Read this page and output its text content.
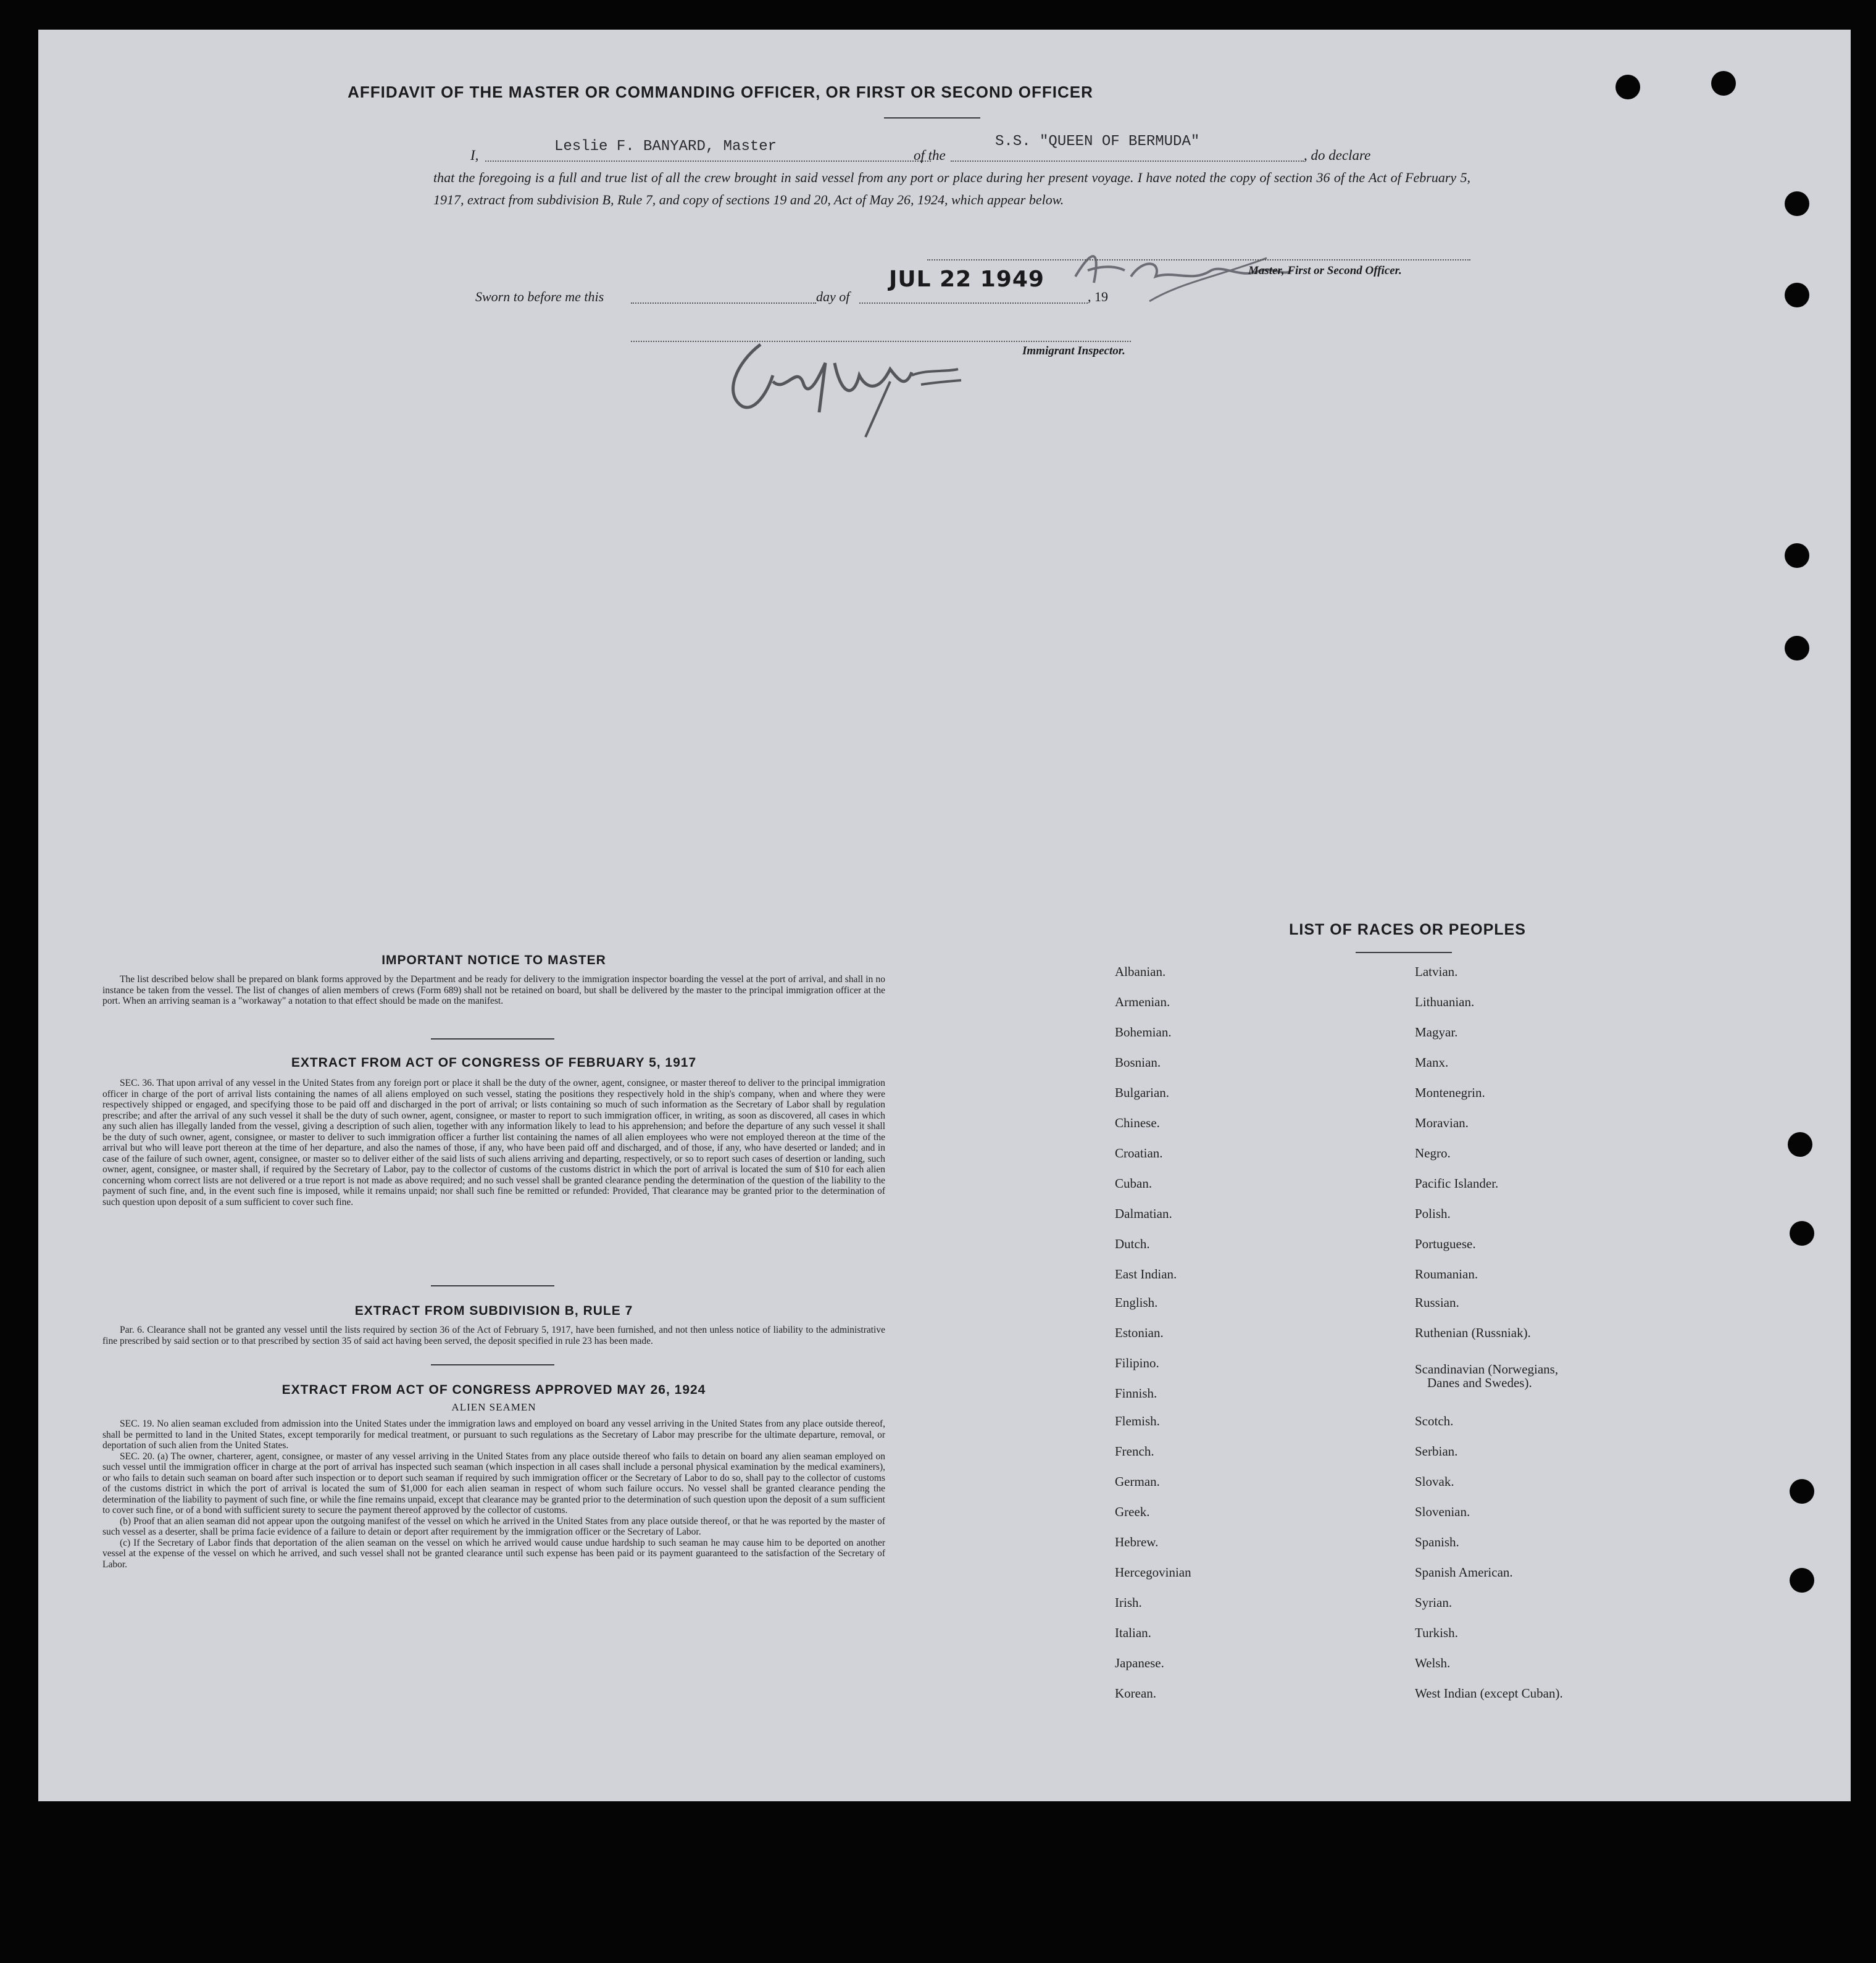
AFFIDAVIT OF THE MASTER OR COMMANDING OFFICER, OR FIRST OR SECOND OFFICER
I,
Leslie F. BANYARD, Master
of the
S.S. "QUEEN OF BERMUDA"
, do declare
that the foregoing is a full and true list of all the crew brought in said vessel from any port or place during her present voyage. I have noted the copy of section 36 of the Act of February 5, 1917, extract from subdivision B, Rule 7, and copy of sections 19 and 20, Act of May 26, 1924, which appear below.
Master, First or Second Officer.
Sworn to before me this	day of
JUL 22 1949
, 19
Immigrant Inspector.
IMPORTANT NOTICE TO MASTER
The list described below shall be prepared on blank forms approved by the Department and be ready for delivery to the immigration inspector boarding the vessel at the port of arrival, and shall in no instance be taken from the vessel. The list of changes of alien members of crews (Form 689) shall not be retained on board, but shall be delivered by the master to the principal immigration officer at the port. When an arriving seaman is a "workaway" a notation to that effect should be made on the manifest.
EXTRACT FROM ACT OF CONGRESS OF FEBRUARY 5, 1917
SEC. 36. That upon arrival of any vessel in the United States from any foreign port or place it shall be the duty of the owner, agent, consignee, or master thereof to deliver to the principal immigration officer in charge of the port of arrival lists containing the names of all aliens employed on such vessel, stating the positions they respectively hold in the ship's company, when and where they were respectively shipped or engaged, and specifying those to be paid off and discharged in the port of arrival; or lists containing so much of such information as the Secretary of Labor shall by regulation prescribe; and after the arrival of any such vessel it shall be the duty of such owner, agent, consignee, or master to report to such immigration officer, in writing, as soon as discovered, all cases in which any such alien has illegally landed from the vessel, giving a description of such alien, together with any information likely to lead to his apprehension; and before the departure of any such vessel it shall be the duty of such owner, agent, consignee, or master to deliver to such immigration officer a further list containing the names of all alien employees who were not employed thereon at the time of the arrival but who will leave port thereon at the time of her departure, and also the names of those, if any, who have been paid off and discharged, and of those, if any, who have deserted or landed; and in case of the failure of such owner, agent, consignee, or master so to deliver either of the said lists of such aliens arriving and departing, respectively, or so to report such cases of desertion or landing, such owner, agent, consignee, or master shall, if required by the Secretary of Labor, pay to the collector of customs of the customs district in which the port of arrival is located the sum of $10 for each alien concerning whom correct lists are not delivered or a true report is not made as above required; and no such vessel shall be granted clearance pending the determination of the question of the liability to the payment of such fine, and, in the event such fine is imposed, while it remains unpaid; nor shall such fine be remitted or refunded: Provided, That clearance may be granted prior to the determination of such question upon deposit of a sum sufficient to cover such fine.
EXTRACT FROM SUBDIVISION B, RULE 7
Par. 6. Clearance shall not be granted any vessel until the lists required by section 36 of the Act of February 5, 1917, have been furnished, and not then unless notice of liability to the administrative fine prescribed by said section or to that prescribed by section 35 of said act having been served, the deposit specified in rule 23 has been made.
EXTRACT FROM ACT OF CONGRESS APPROVED MAY 26, 1924
ALIEN SEAMEN
SEC. 19. No alien seaman excluded from admission into the United States under the immigration laws and employed on board any vessel arriving in the United States from any place outside thereof, shall be permitted to land in the United States, except temporarily for medical treatment, or pursuant to such regulations as the Secretary of Labor may prescribe for the ultimate departure, removal, or deportation of such alien from the United States.
SEC. 20. (a) The owner, charterer, agent, consignee, or master of any vessel arriving in the United States from any place outside thereof who fails to detain on board any alien seaman employed on such vessel until the immigration officer in charge at the port of arrival has inspected such seaman (which inspection in all cases shall include a personal physical examination by the medical examiners), or who fails to detain such seaman on board after such inspection or to deport such seaman if required by such immigration officer or the Secretary of Labor to do so, shall pay to the collector of customs of the customs district in which the port of arrival is located the sum of $1,000 for each alien seaman in respect of whom such failure occurs. No vessel shall be granted clearance pending the determination of the liability to payment of such fine, or while the fine remains unpaid, except that clearance may be granted prior to the determination of such question upon the deposit of a sum sufficient to cover such fine, or of a bond with sufficient surety to secure the payment thereof approved by the collector of customs.
(b) Proof that an alien seaman did not appear upon the outgoing manifest of the vessel on which he arrived in the United States from any place outside thereof, or that he was reported by the master of such vessel as a deserter, shall be prima facie evidence of a failure to detain or deport after requirement by the immigration officer or the Secretary of Labor.
(c) If the Secretary of Labor finds that deportation of the alien seaman on the vessel on which he arrived would cause undue hardship to such seaman he may cause him to be deported on another vessel at the expense of the vessel on which he arrived, and such vessel shall not be granted clearance until such expense has been paid or its payment guaranteed to the satisfaction of the Secretary of Labor.
LIST OF RACES OR PEOPLES
Albanian.
Armenian.
Bohemian.
Bosnian.
Bulgarian.
Chinese.
Croatian.
Cuban.
Dalmatian.
Dutch.
East Indian.
English.
Estonian.
Filipino.
Finnish.
Flemish.
French.
German.
Greek.
Hebrew.
Hercegovinian
Irish.
Italian.
Japanese.
Korean.
Latvian.
Lithuanian.
Magyar.
Manx.
Montenegrin.
Moravian.
Negro.
Pacific Islander.
Polish.
Portuguese.
Roumanian.
Russian.
Ruthenian (Russniak).
Scandinavian (Norwegians,
Danes and Swedes).
Scotch.
Serbian.
Slovak.
Slovenian.
Spanish.
Spanish American.
Syrian.
Turkish.
Welsh.
West Indian (except Cuban).
